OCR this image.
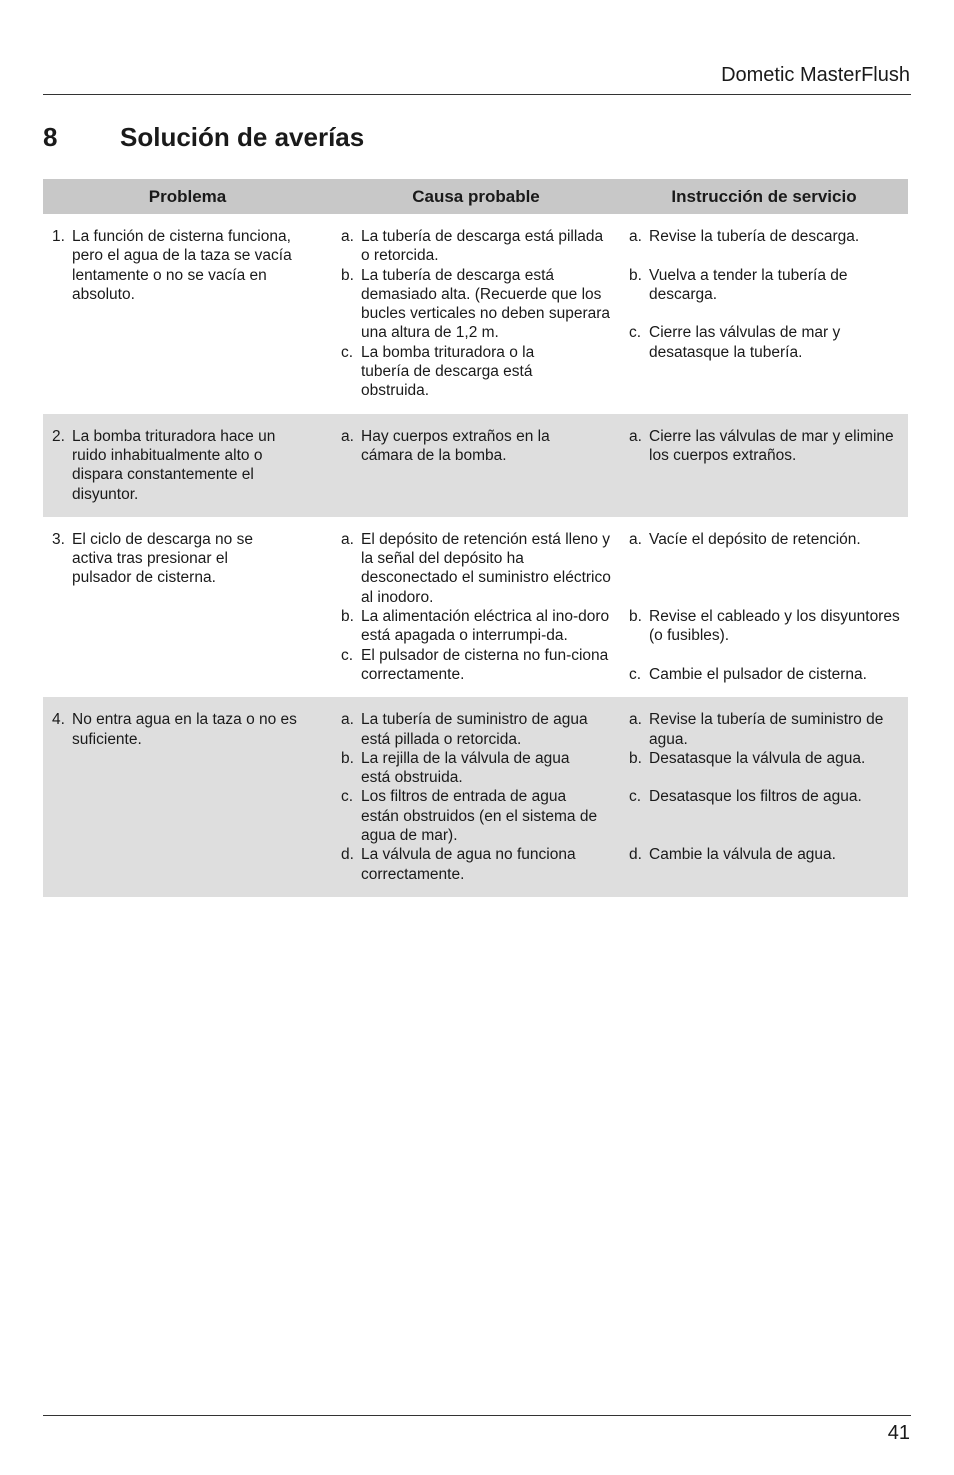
Dometic MasterFlush
8 Solución de averías
Problema	Causa probable	Instrucción de servicio
1. La función de cisterna funciona, pero el agua de la taza se vacía lentamente o no se vacía en absoluto.
a. La tubería de descarga está pillada o retorcida.
b. La tubería de descarga está demasiado alta. (Recuerde que los bucles verticales no deben superara una altura de 1,2 m.
c. La bomba trituradora o la tubería de descarga está obstruida.
a. Revise la tubería de descarga.
b. Vuelva a tender la tubería de descarga.
c. Cierre las válvulas de mar y desatasque la tubería.
2. La bomba trituradora hace un ruido inhabitualmente alto o dispara constantemente el disyuntor.
a. Hay cuerpos extraños en la cámara de la bomba.
a. Cierre las válvulas de mar y elimine los cuerpos extraños.
3. El ciclo de descarga no se activa tras presionar el pulsador de cisterna.
a. El depósito de retención está lleno y la señal del depósito ha desconectado el suministro eléctrico al inodoro.
b. La alimentación eléctrica al ino-doro está apagada o interrumpi-da.
c. El pulsador de cisterna no fun-ciona correctamente.
a. Vacíe el depósito de retención.
b. Revise el cableado y los disyuntores (o fusibles).
c. Cambie el pulsador de cisterna.
4. No entra agua en la taza o no es suficiente.
a. La tubería de suministro de agua está pillada o retorcida.
b. La rejilla de la válvula de agua está obstruida.
c. Los filtros de entrada de agua están obstruidos (en el sistema de agua de mar).
d. La válvula de agua no funciona correctamente.
a. Revise la tubería de suministro de agua.
b. Desatasque la válvula de agua.
c. Desatasque los filtros de agua.
d. Cambie la válvula de agua.
41
